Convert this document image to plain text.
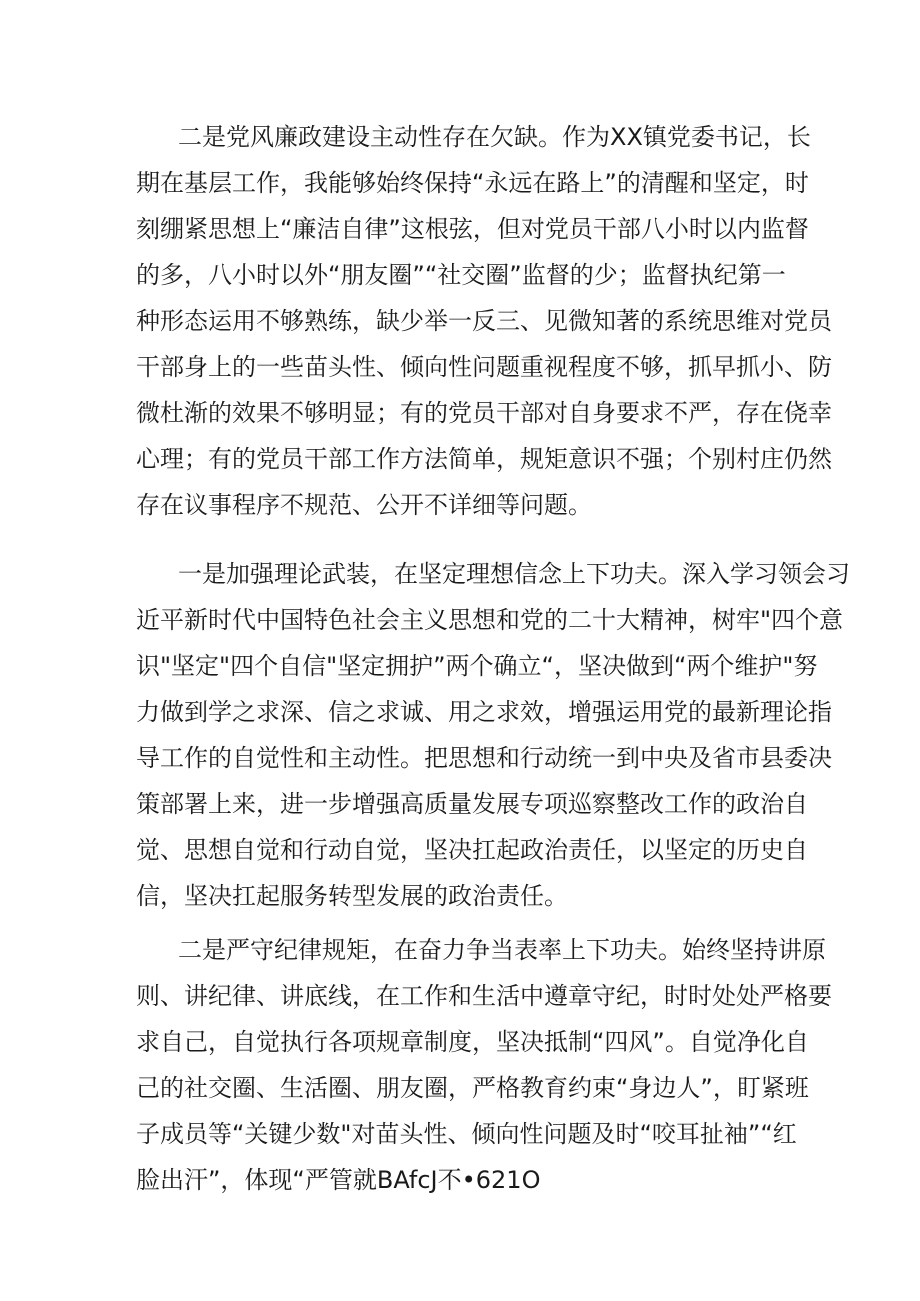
二是党风廉政建设主动性存在欠缺。作为XX镇党委书记，长
期在基层工作，我能够始终保持“永远在路上”的清醒和坚定，时
刻绷紧思想上“廉洁自律”这根弦，但对党员干部八小时以内监督
的多，八小时以外“朋友圈”“社交圈”监督的少；监督执纪第一
种形态运用不够熟练，缺少举一反三、见微知著的系统思维对党员
干部身上的一些苗头性、倾向性问题重视程度不够，抓早抓小、防
微杜渐的效果不够明显；有的党员干部对自身要求不严，存在侥幸
心理；有的党员干部工作方法简单，规矩意识不强；个别村庄仍然
存在议事程序不规范、公开不详细等问题。
一是加强理论武装，在坚定理想信念上下功夫。深入学习领会习
近平新时代中国特色社会主义思想和党的二十大精神，树牢"四个意
识"坚定"四个自信"坚定拥护”两个确立“，坚决做到“两个维护"努
力做到学之求深、信之求诚、用之求效，增强运用党的最新理论指
导工作的自觉性和主动性。把思想和行动统一到中央及省市县委决
策部署上来，进一步增强高质量发展专项巡察整改工作的政治自
觉、思想自觉和行动自觉，坚决扛起政治责任，以坚定的历史自
信，坚决扛起服务转型发展的政治责任。
二是严守纪律规矩，在奋力争当表率上下功夫。始终坚持讲原
则、讲纪律、讲底线，在工作和生活中遵章守纪，时时处处严格要
求自己，自觉执行各项规章制度，坚决抵制“四风”。自觉净化自
己的社交圈、生活圈、朋友圈，严格教育约束“身边人”，盯紧班
子成员等“关键少数"对苗头性、倾向性问题及时“咬耳扯袖”“红
脸出汗”，体现“严管就BAfcJ不•621O
